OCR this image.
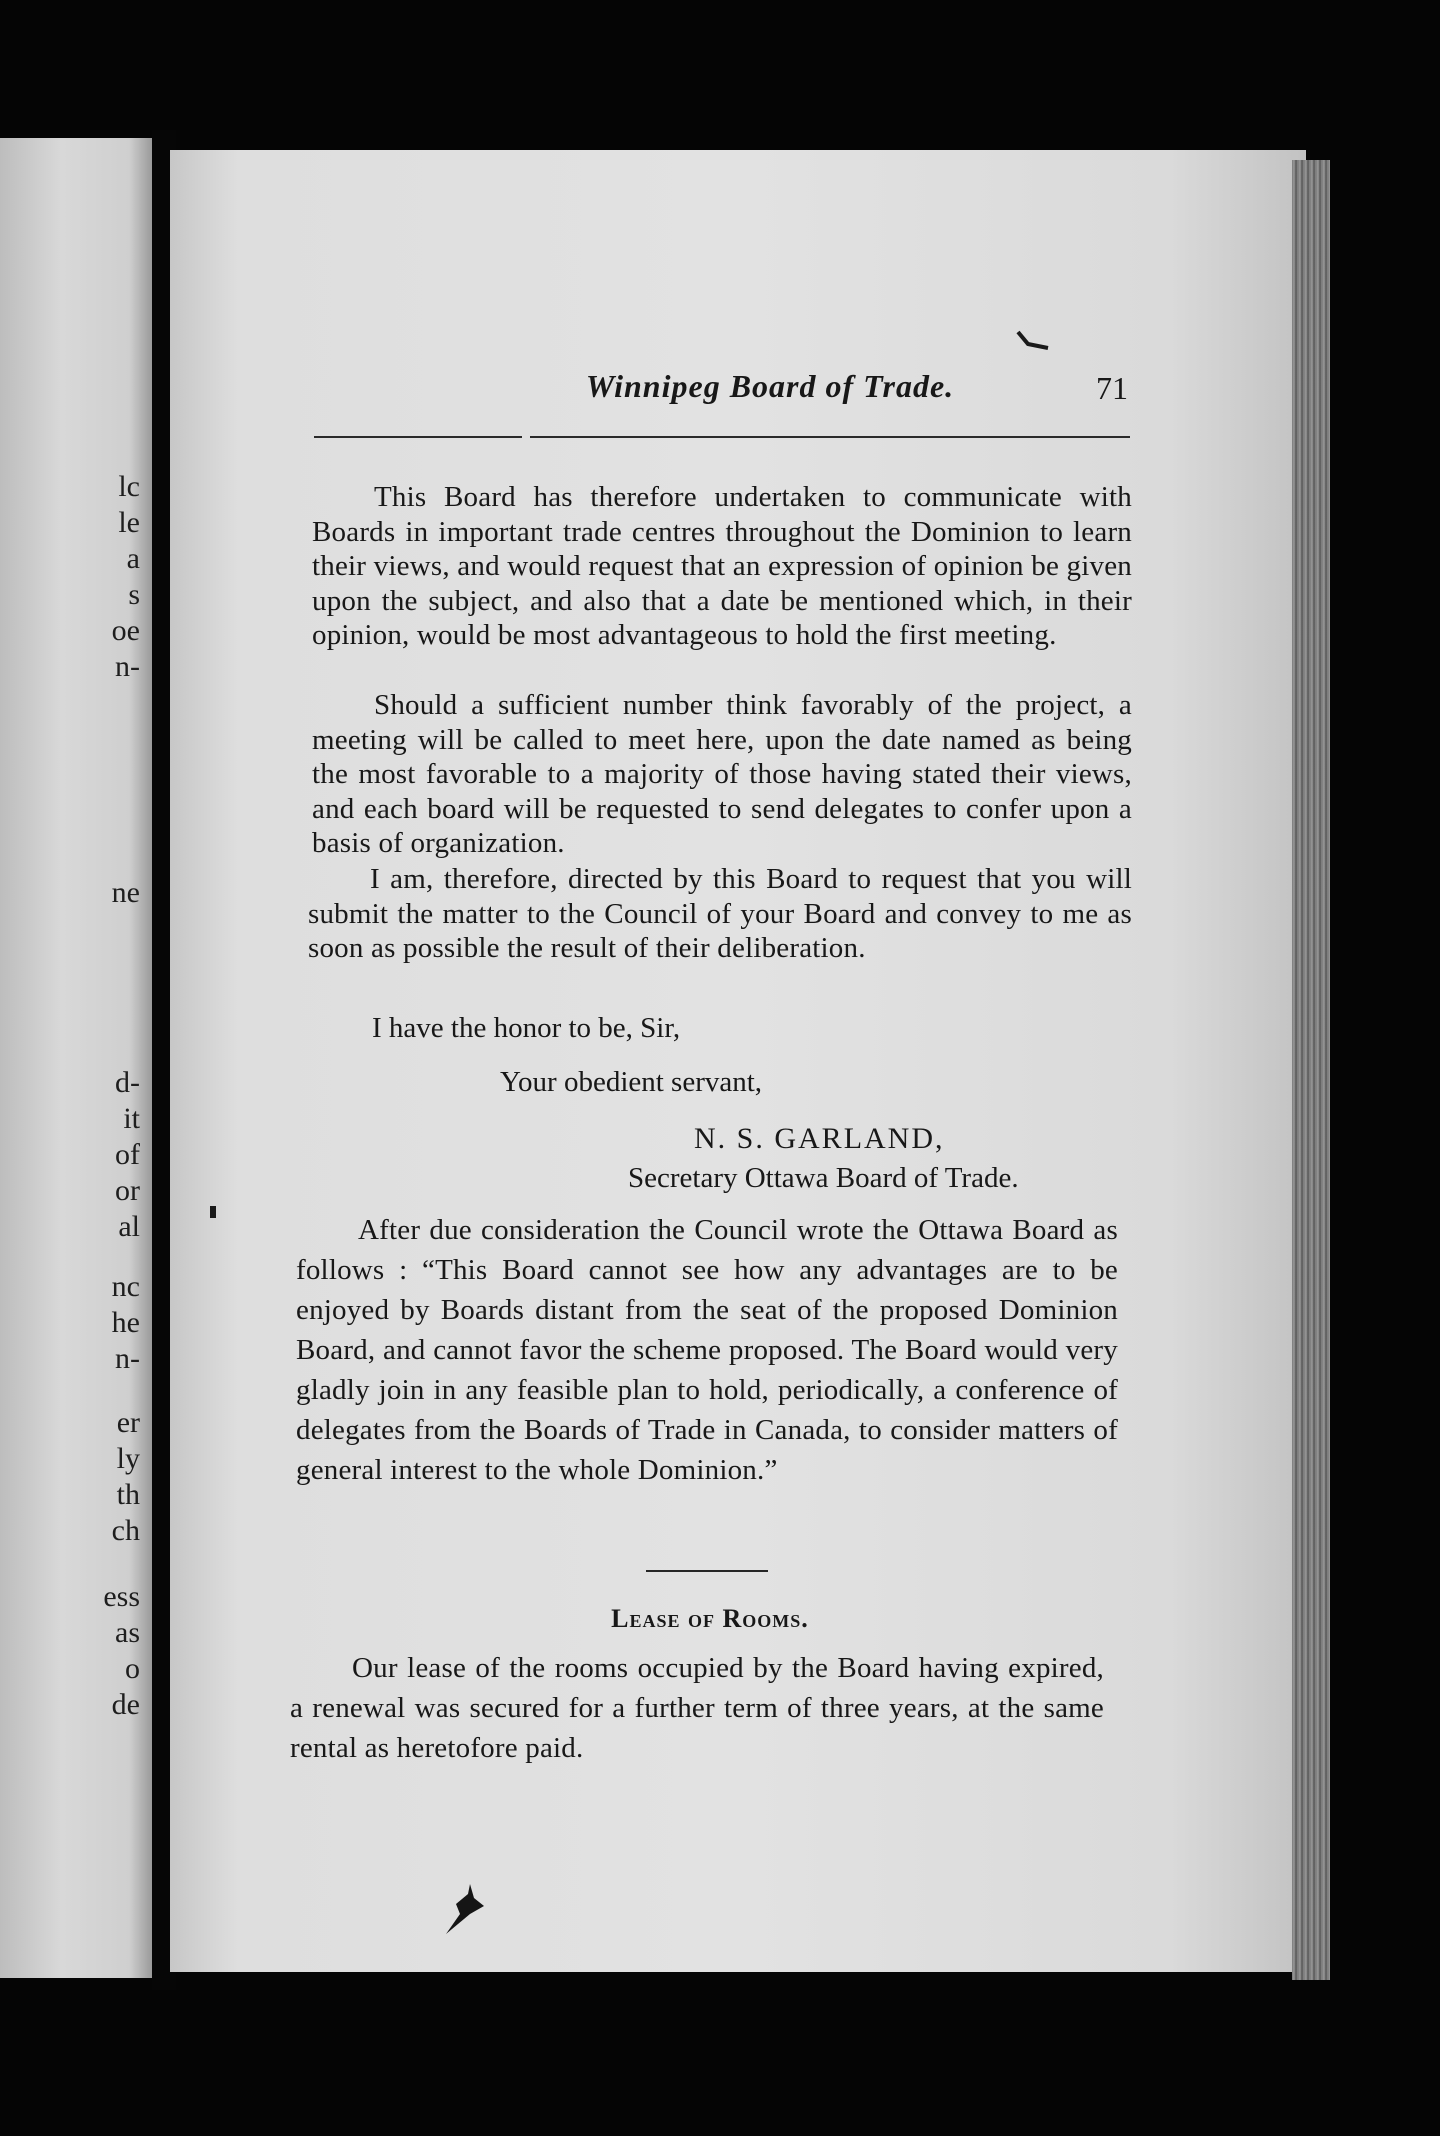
lc
le
a
s
oe
n-
ne
d-
it
of
or
al
nc
he
n-
er
ly
th
ch
ess
as
o
de
Winnipeg Board of Trade.	71
This Board has therefore undertaken to communicate with Boards in important trade centres throughout the Dominion to learn their views, and would request that an expression of opinion be given upon the subject, and also that a date be mentioned which, in their opinion, would be most advantageous to hold the first meeting.
Should a sufficient number think favorably of the project, a meeting will be called to meet here, upon the date named as being the most favorable to a majority of those having stated their views, and each board will be requested to send delegates to confer upon a basis of organization.
I am, therefore, directed by this Board to request that you will submit the matter to the Council of your Board and convey to me as soon as possible the result of their deliberation.
I have the honor to be, Sir,
Your obedient servant,
N. S. GARLAND,
Secretary Ottawa Board of Trade.
After due consideration the Council wrote the Ottawa Board as follows : “This Board cannot see how any advantages are to be enjoyed by Boards distant from the seat of the proposed Dominion Board, and cannot favor the scheme proposed. The Board would very gladly join in any feasible plan to hold, periodically, a conference of delegates from the Boards of Trade in Canada, to consider matters of general interest to the whole Dominion.”
Lease of Rooms.
Our lease of the rooms occupied by the Board having expired, a renewal was secured for a further term of three years, at the same rental as heretofore paid.
